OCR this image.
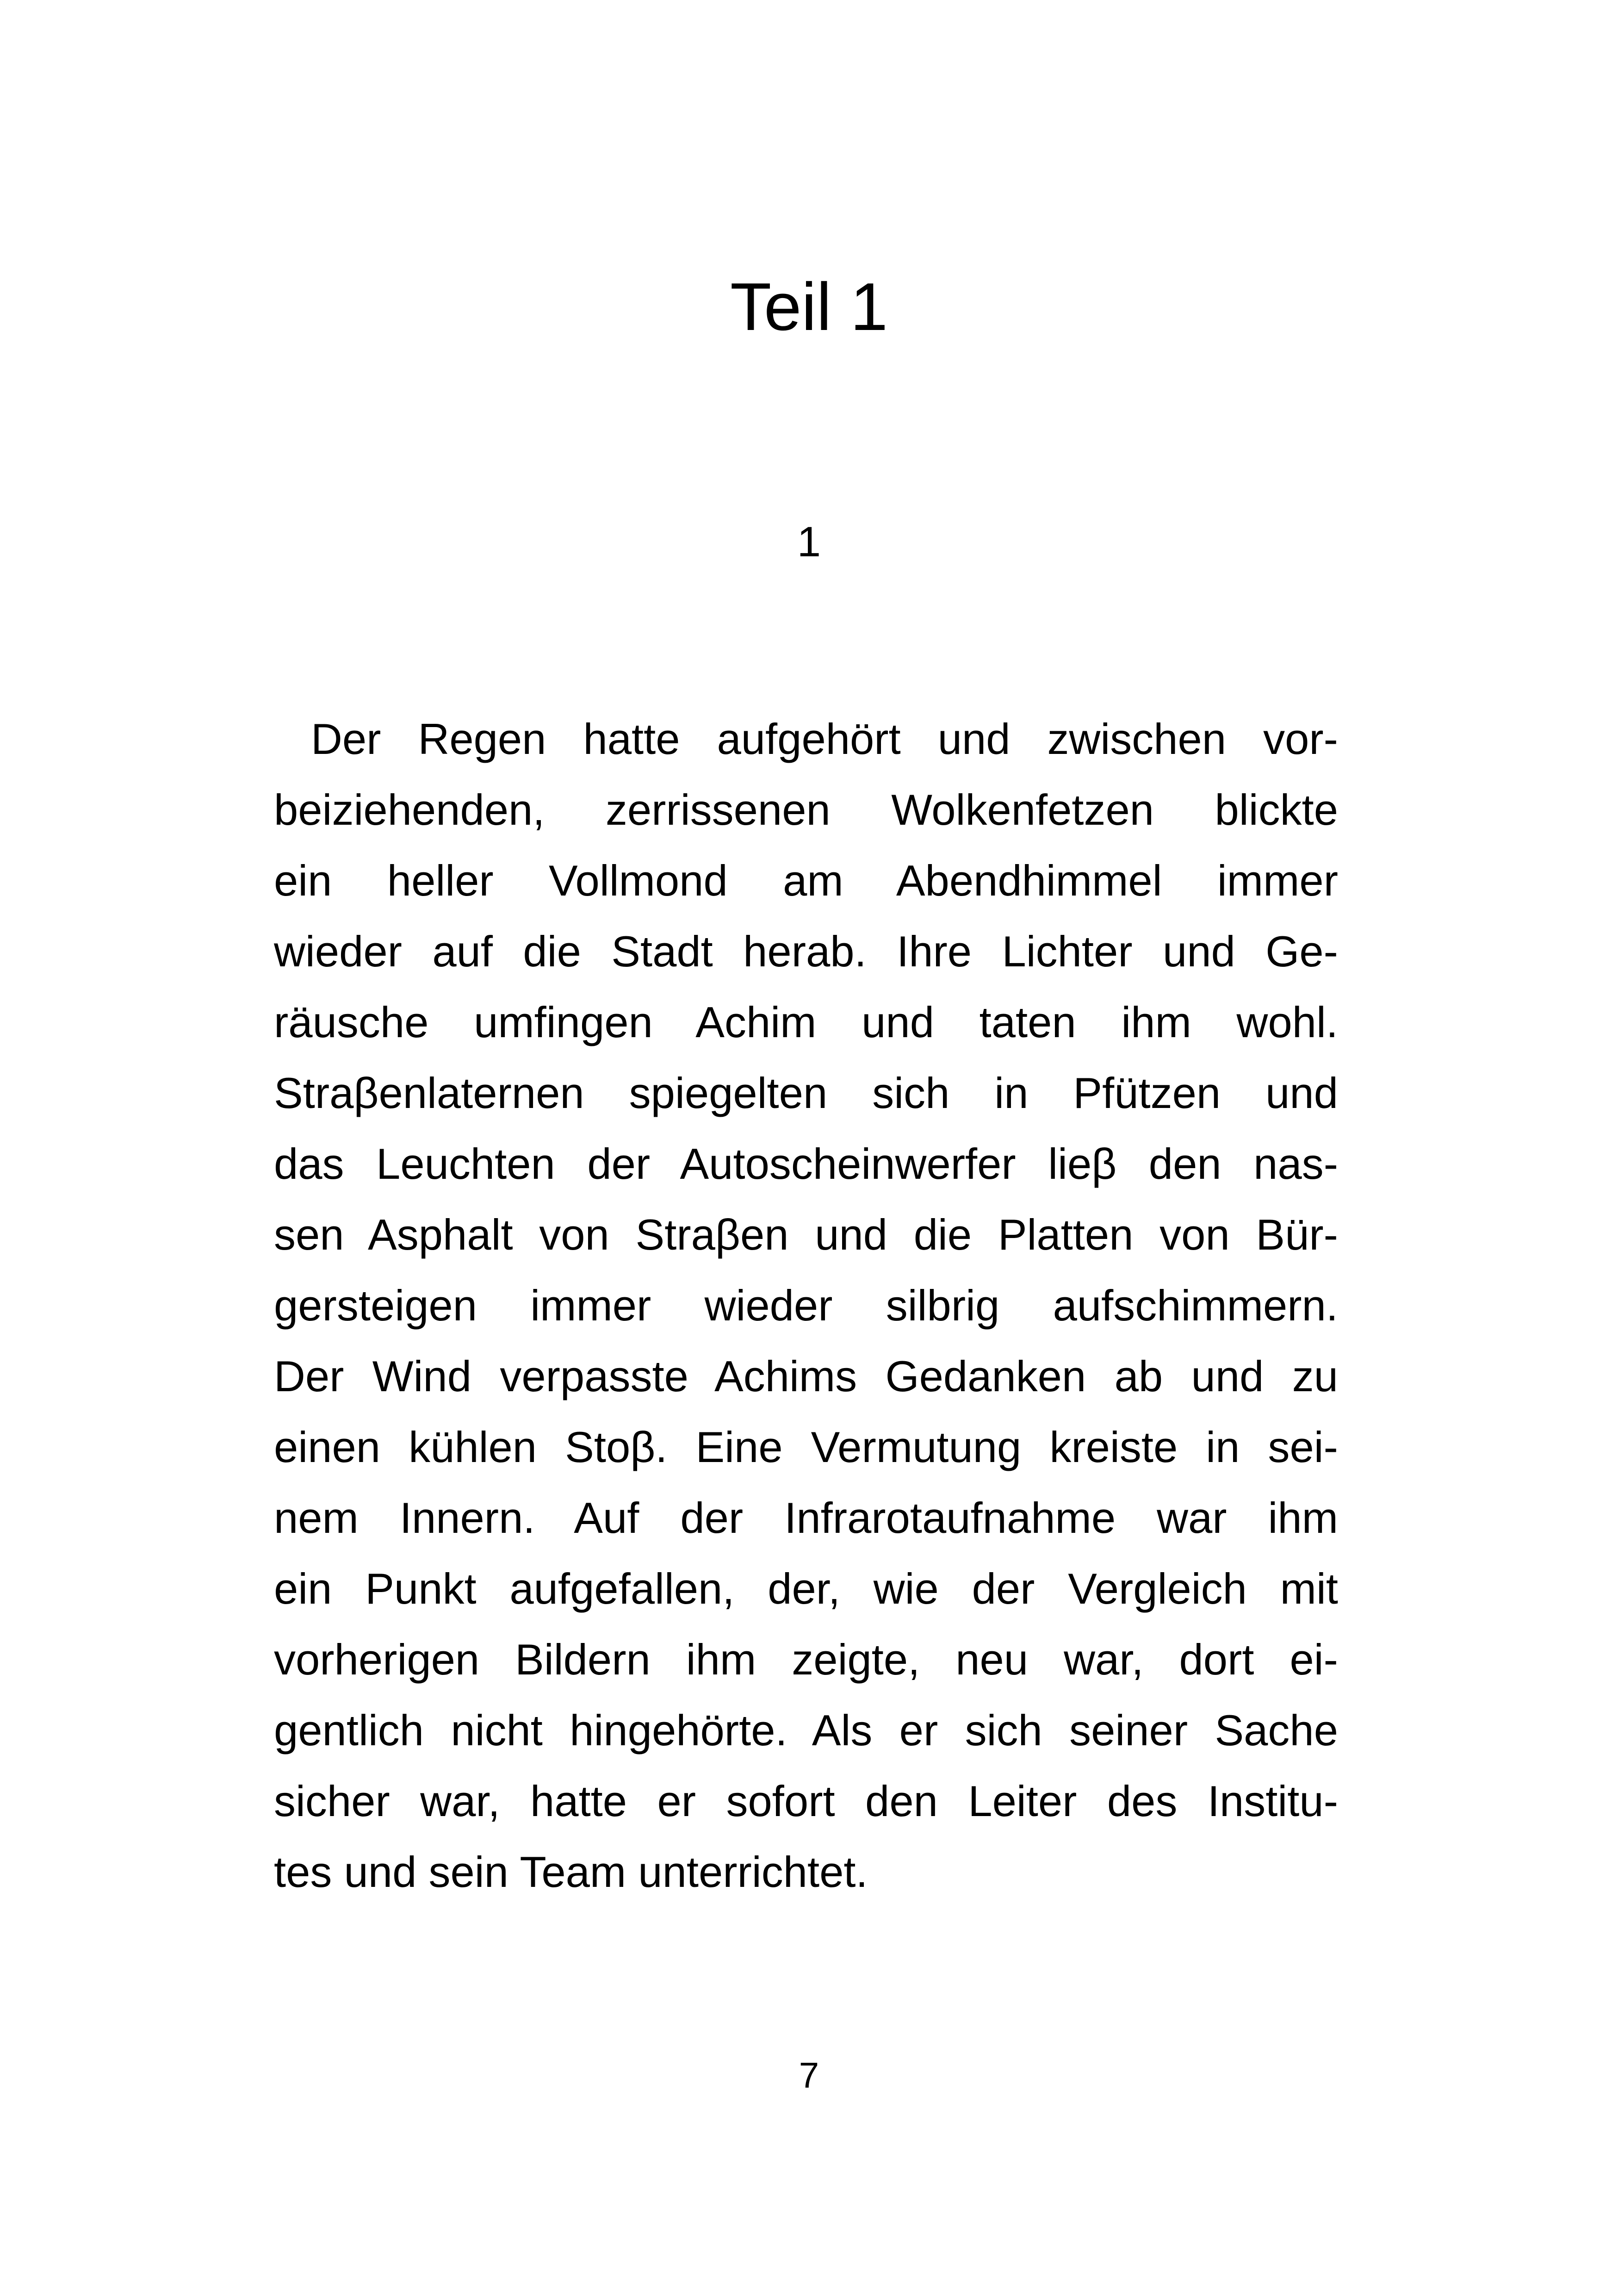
Teil 1
1

Der Regen hatte aufgehört und zwischen vor-
beiziehenden, zerrissenen Wolkenfetzen blickte
ein heller Vollmond am Abendhimmel immer
wieder auf die Stadt herab. Ihre Lichter und Ge-
räusche umfingen Achim und taten ihm wohl.
Straβenlaternen spiegelten sich in Pfützen und
das Leuchten der Autoscheinwerfer lieβ den nas-
sen Asphalt von Straβen und die Platten von Bür-
gersteigen immer wieder silbrig aufschimmern.
Der Wind verpasste Achims Gedanken ab und zu
einen kühlen Stoβ. Eine Vermutung kreiste in sei-
nem Innern. Auf der Infrarotaufnahme war ihm
ein Punkt aufgefallen, der, wie der Vergleich mit
vorherigen Bildern ihm zeigte, neu war, dort ei-
gentlich nicht hingehörte. Als er sich seiner Sache
sicher war, hatte er sofort den Leiter des Institu-
tes und sein Team unterrichtet.

7
